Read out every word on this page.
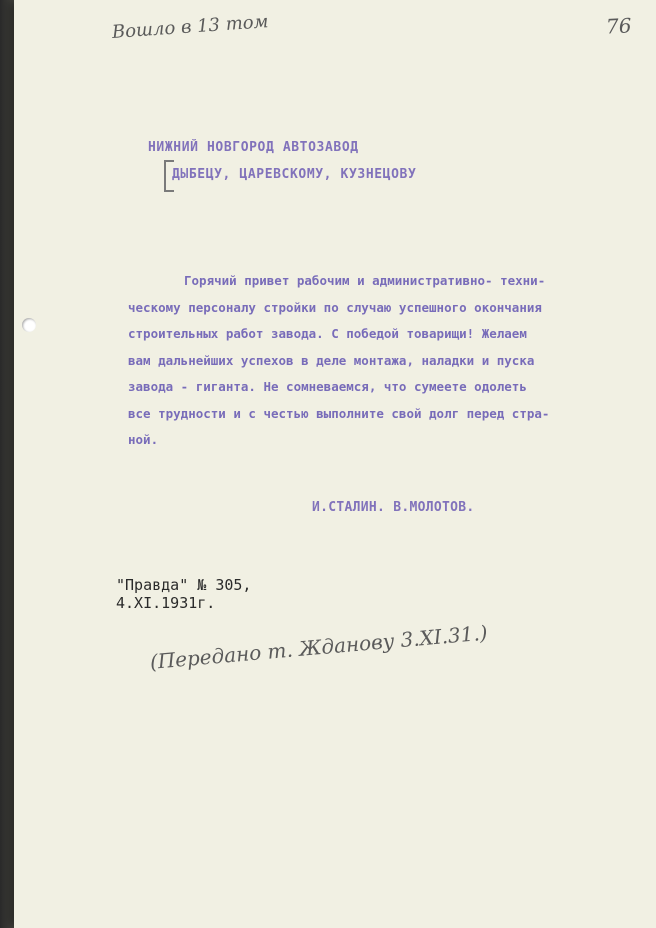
Вошло в 13 том	76
НИЖНИЙ НОВГОРОД АВТОЗАВОД
ДЫБЕЦУ, ЦАРЕВСКОМУ, КУЗНЕЦОВУ
Горячий привет рабочим и административно- техни-
ческому персоналу стройки по случаю успешного окончания
строительных работ завода. С победой товарищи! Желаем
вам дальнейших успехов в деле монтажа, наладки и пуска
завода - гиганта. Не сомневаемся, что сумеете одолеть
все трудности и с честью выполните свой долг перед стра-
ной.
И.СТАЛИН. В.МОЛОТОВ.
"Правда" № 305,
4.XI.1931г.
(Передано т. Жданову 3.XI.31.)
